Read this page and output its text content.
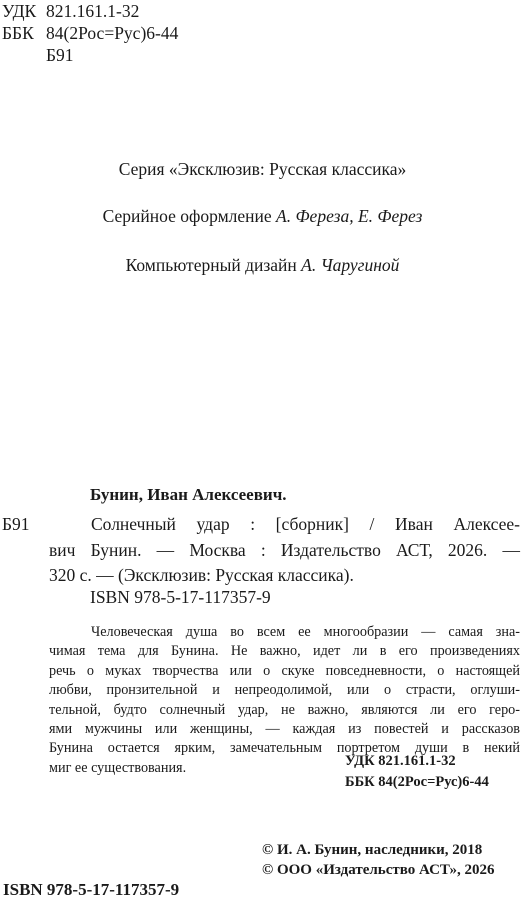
УДК 821.161.1-32
ББК 84(2Рос=Рус)6-44
Б91
Серия «Эксклюзив: Русская классика»
Серийное оформление А. Фереза, Е. Ферез
Компьютерный дизайн А. Чаругиной
Бунин, Иван Алексеевич.
Б91	Солнечный удар : [сборник] / Иван Алексее-
вич Бунин. — Москва : Издательство АСТ, 2026. —
320 с. — (Эксклюзив: Русская классика).
ISBN 978-5-17-117357-9
Человеческая душа во всем ее многообразии — самая зна-
чимая тема для Бунина. Не важно, идет ли в его произведениях
речь о муках творчества или о скуке повседневности, о настоящей
любви, пронзительной и непреодолимой, или о страсти, оглуши-
тельной, будто солнечный удар, не важно, являются ли его геро-
ями мужчины или женщины, — каждая из повестей и рассказов
Бунина остается ярким, замечательным портретом души в некий
миг ее существования.	УДК 821.161.1-32
ББК 84(2Рос=Рус)6-44
© И. А. Бунин, наследники, 2018
© ООО «Издательство АСТ», 2026
ISBN 978-5-17-117357-9
